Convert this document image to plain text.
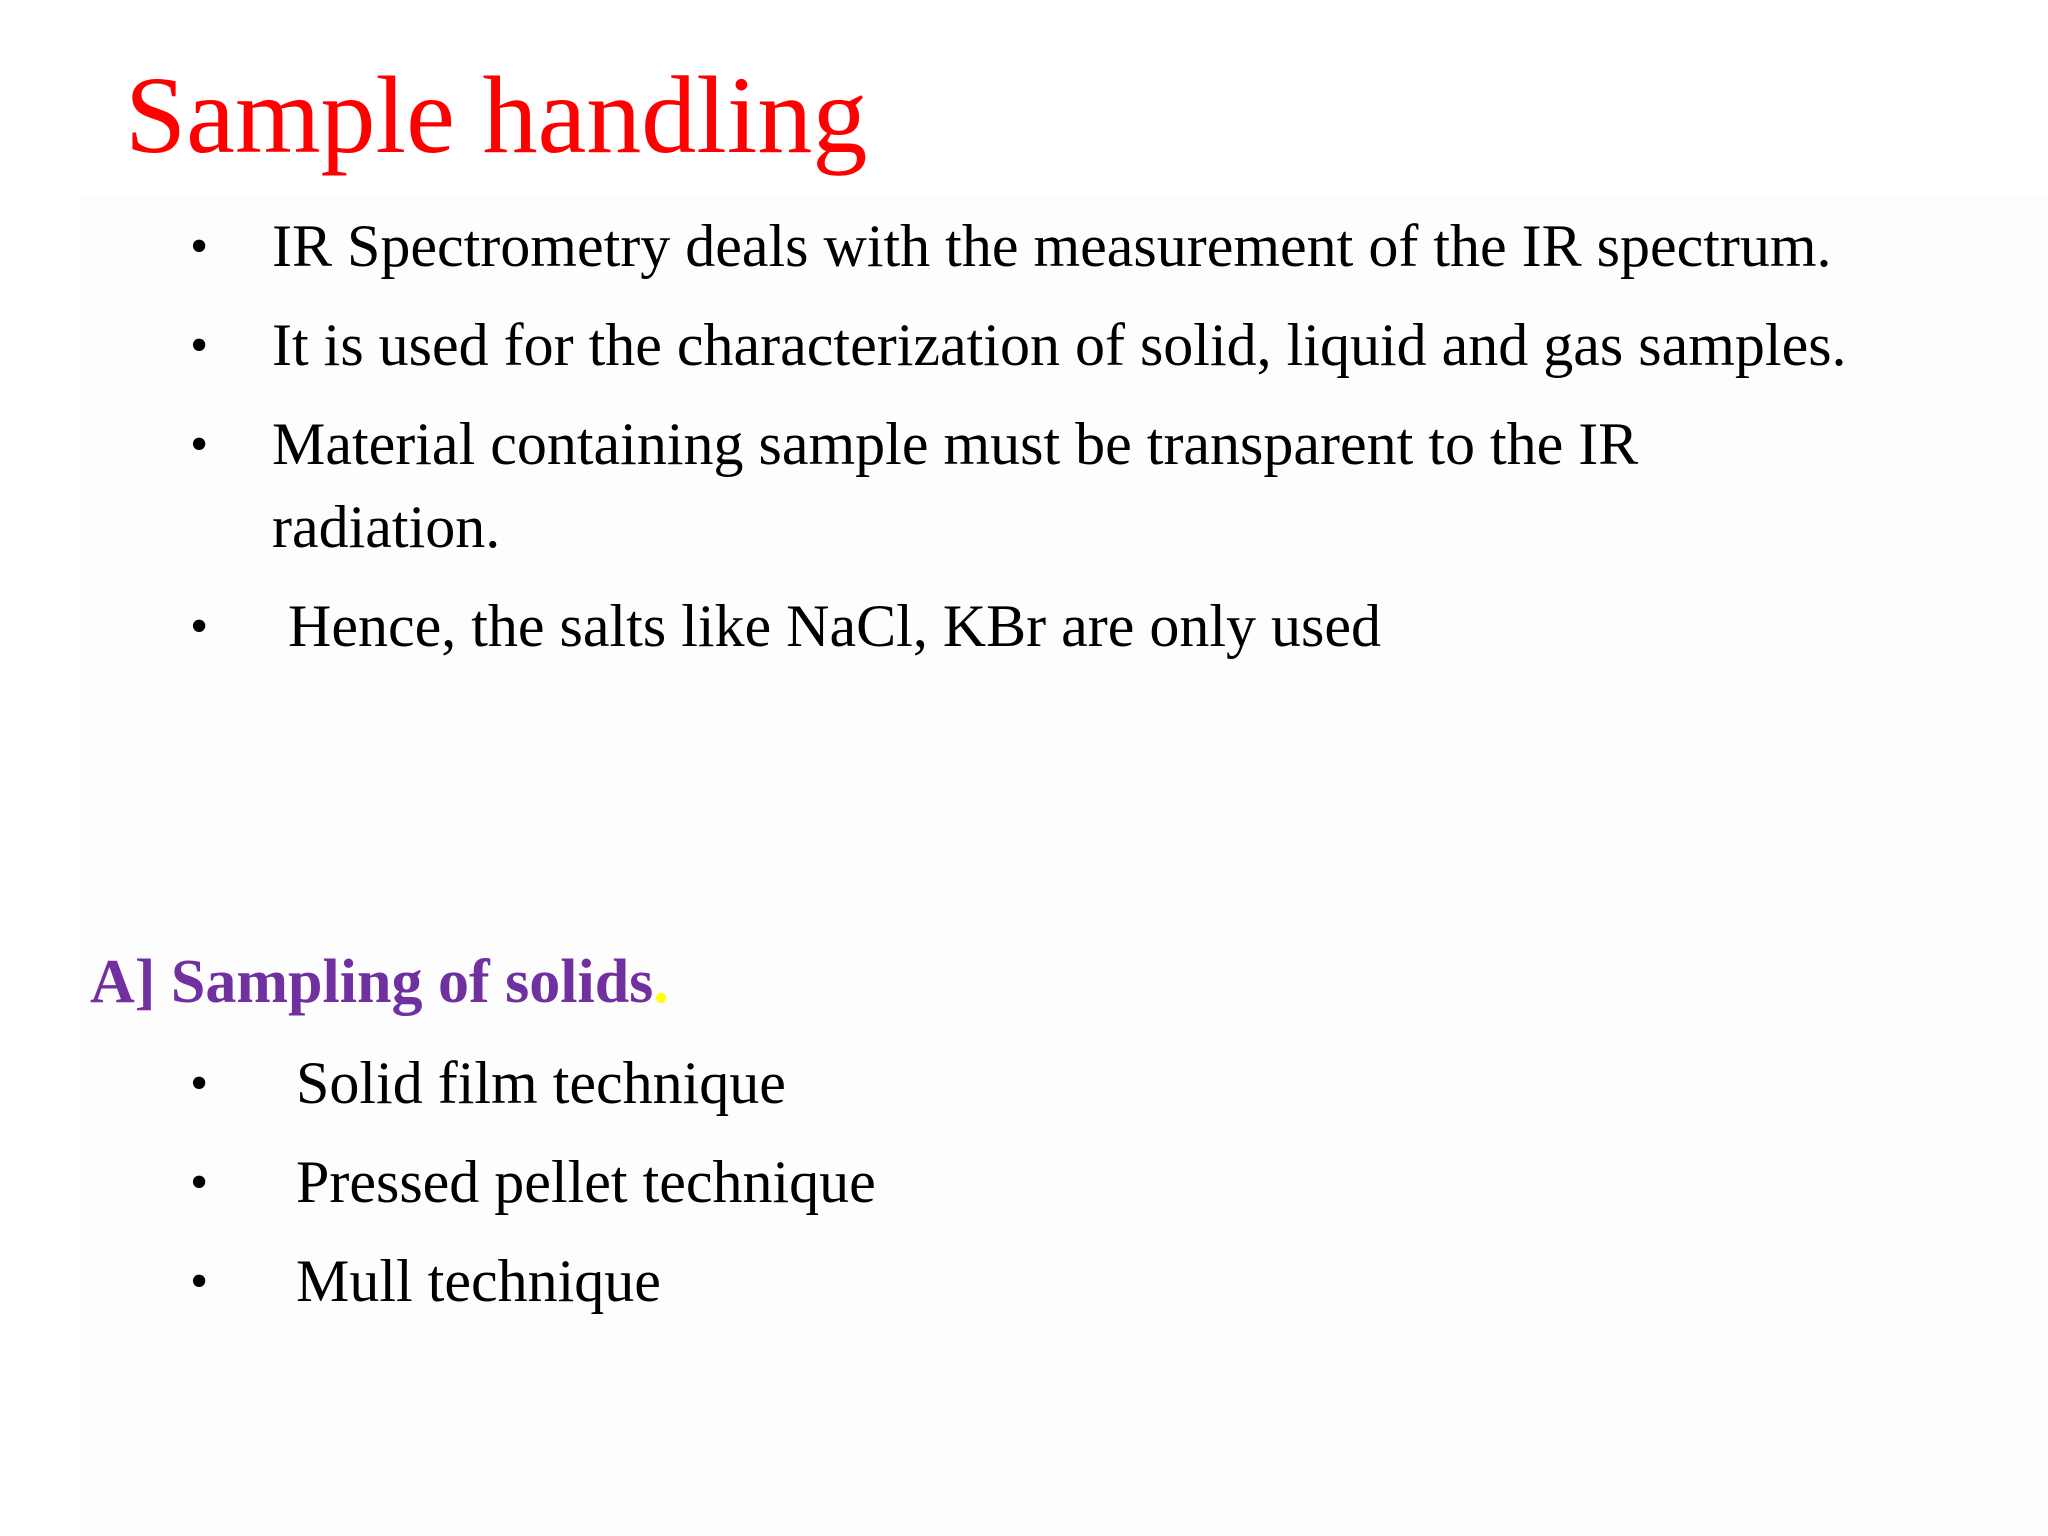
Sample handling
• IR Spectrometry deals with the measurement of the IR spectrum.
• It is used for the characterization of solid, liquid and gas samples.
• Material containing sample must be transparent to the IR radiation.
• Hence, the salts like NaCl, KBr are only used
A] Sampling of solids.
• Solid film technique
• Pressed pellet technique
• Mull technique
